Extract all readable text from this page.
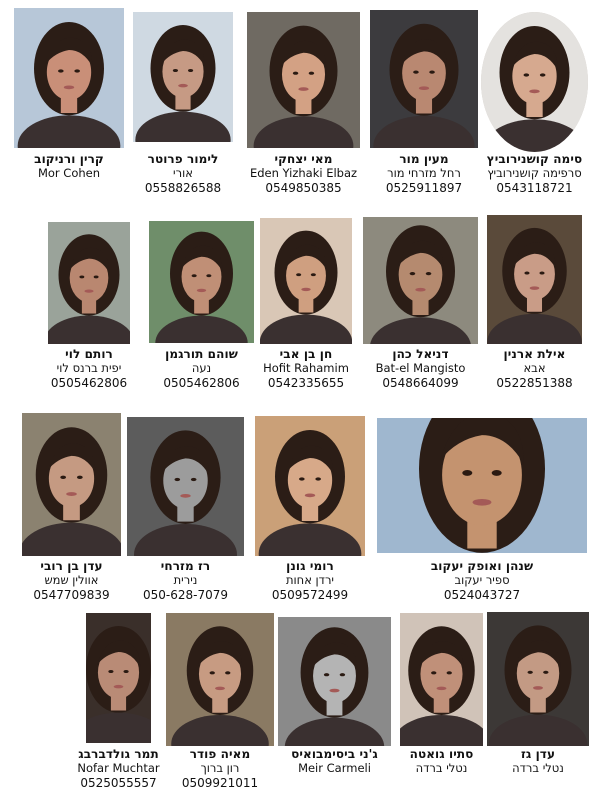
קרין ורניקוב
Mor Cohen
לימור פרוטר
אורי
0558826588
מאי יצחקי
Eden Yizhaki Elbaz
0549850385
מעין מור
רחל מזרחי מור
0525911897
סימה קושנירוביץ
סרפימה קושנירוביץ
0543118721
רותם לוי
יפית ברנס לוי
0505462806
שוהם תורגמן
נעה
0505462806
חן בן אבי
Hofit Rahamim
0542335655
דניאל כהן
Bat-el Mangisto
0548664099
אילת ארנין
אבא
0522851388
עדן בן רובי
אוולין שמש
0547709839
רז מזרחי
נירית
050-628-7079
רומי גונן
ירדן אחות
0509572499
שנהן ואופק יעקוב
ספיר יעקוב
0524043727
תמר גולדברבג
Nofar Muchtar
0525055557
מאיה פודר
רון ברוך
0509921011
ג'ני ביסימבואיס
Meir Carmeli
סתיו גואטה
נטלי ברדה
עדן גז
נטלי ברדה
